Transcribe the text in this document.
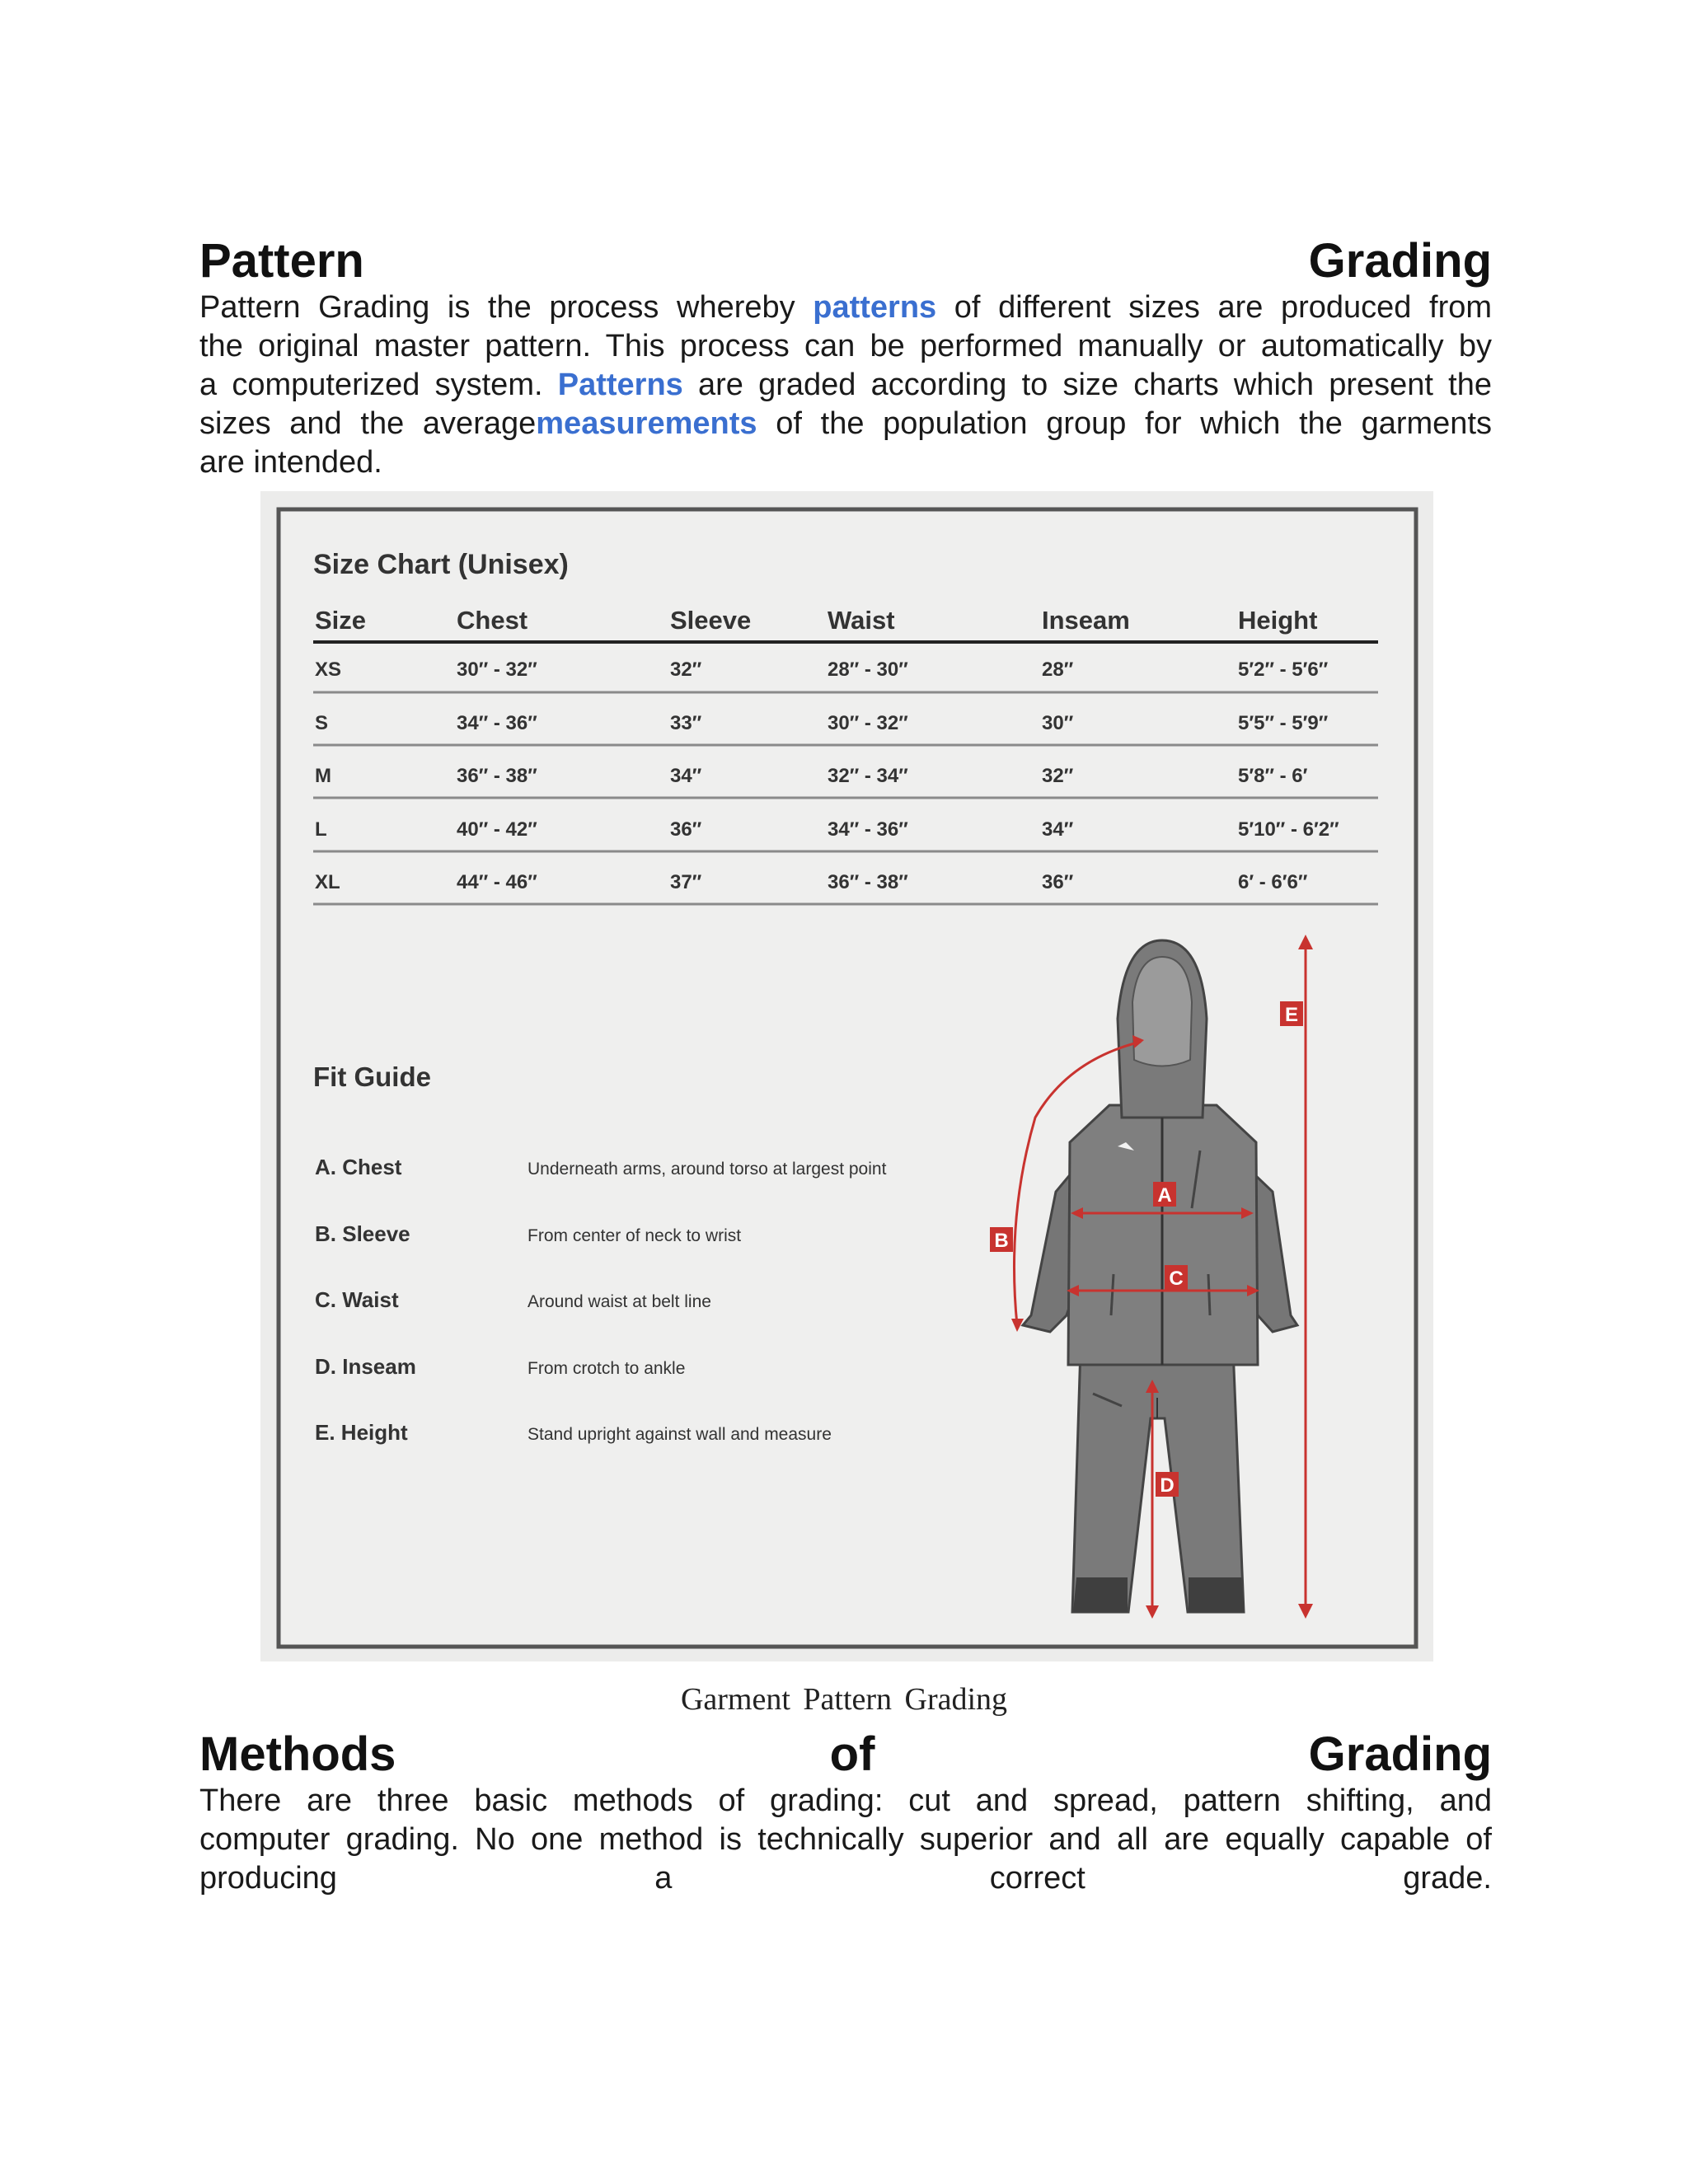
Pattern	Grading
Pattern Grading is the process whereby patterns of different sizes are produced from
the original master pattern. This process can be performed manually or automatically by
a computerized system. Patterns are graded according to size charts which present the
sizes and the averagemeasurements of the population group for which the garments
are intended.
Size Chart (Unisex)
Size	Chest	Sleeve	Waist	Inseam	Height
XS	30″ - 32″	32″	28″ - 30″	28″	5′2″ - 5′6″
S	34″ - 36″	33″	30″ - 32″	30″	5′5″ - 5′9″
M	36″ - 38″	34″	32″ - 34″	32″	5′8″ - 6′
L	40″ - 42″	36″	34″ - 36″	34″	5′10″ - 6′2″
XL	44″ - 46″	37″	36″ - 38″	36″	6′ - 6′6″
Fit Guide
A. Chest	Underneath arms, around torso at largest point
B. Sleeve	From center of neck to wrist
C. Waist	Around waist at belt line
D. Inseam	From crotch to ankle
E. Height	Stand upright against wall and measure
A
B
C
D
E
Garment Pattern Grading
Methods	of	Grading
There are three basic methods of grading: cut and spread, pattern shifting, and
computer grading. No one method is technically superior and all are equally capable of
producing	a	correct	grade.
